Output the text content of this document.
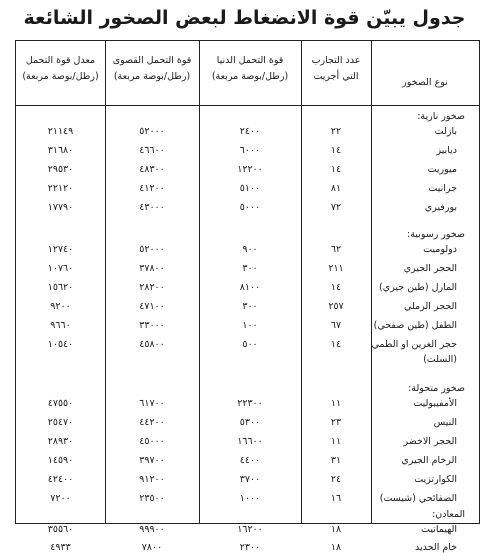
جدول يبيّن قوة الانضغاط لبعض الصخور الشائعة
معدل قوة التحمل
(رطل/بوصة مربعة)
قوة التحمل القصوى
(رطل/بوصة مربعة)
قوة التحمل الدنيا
(رطل/بوصة مربعة)
عدد التجارب
التي أجريت
نوع الصخور
صخور نارية:
بازلت
٢٢
٢٤٠٠
٥٢٠٠٠
٢١١٤٩
ديابيز
١٤
٦٠٠٠
٤٦٦٠٠
٣١٦٨٠
ميوريت
١٤
١٢٢٠٠
٤٨٣٠٠
٢٩٥٣٠
جرانيت
٨١
٥١٠٠
٤١٢٠٠
٢٢١٢٠
بورفيري
٧٢
٥٠٠٠
٤٣٠٠٠
١٧٧٩٠
صخور رسوبية:
دولوميت
٦٢
٩٠٠
٥٢٠٠٠
١٢٧٤٠
الحجر الجيري
٢١١
٣٠٠
٣٧٨٠٠
١٠٧٦٠
المارل (طين جيري)
١٤
٨١٠٠
٢٨٢٠٠
١٥٦٢٠
الحجر الرملي
٢٥٧
٣٠٠
٤٧١٠٠
٩٢٠٠
الطفل (طين صفحي)
٦٧
١٠٠
٣٣٠٠٠
٩٦٦٠
حجر الغرين او الطمي
(السلت)
١٤
٥٠٠
٤٥٨٠٠
١٠٥٤٠
صخور متحولة:
الأمفيبوليت
١١
٢٢٣٠٠
٦١٧٠٠
٤٧٥٥٠
النيس
٢٣
٥٣٠٠
٤٤٢٠٠
٢٥٤٧٠
الحجر الاخضر
١١
١٦٦٠٠
٤٥٠٠٠
٢٨٩٣٠
الرخام الجيري
٣١
٤٤٠٠
٣٩٧٠٠
١٤٥٩٠
الكوارتزيت
٢٤
٣٧٠٠
٩١٢٠٠
٤٢٤٠٠
الصفائحي (شيست)
١٦
١٠٠٠
٢٣٥٠٠
٧٢٠٠
المعادن:
الهيماتيت
١٨
١٦٢٠٠
٩٩٩٠٠
٣٥٥٦٠
خام الحديد
١٨
٢٣٠٠
٧٨٠٠
٤٩٣٣
